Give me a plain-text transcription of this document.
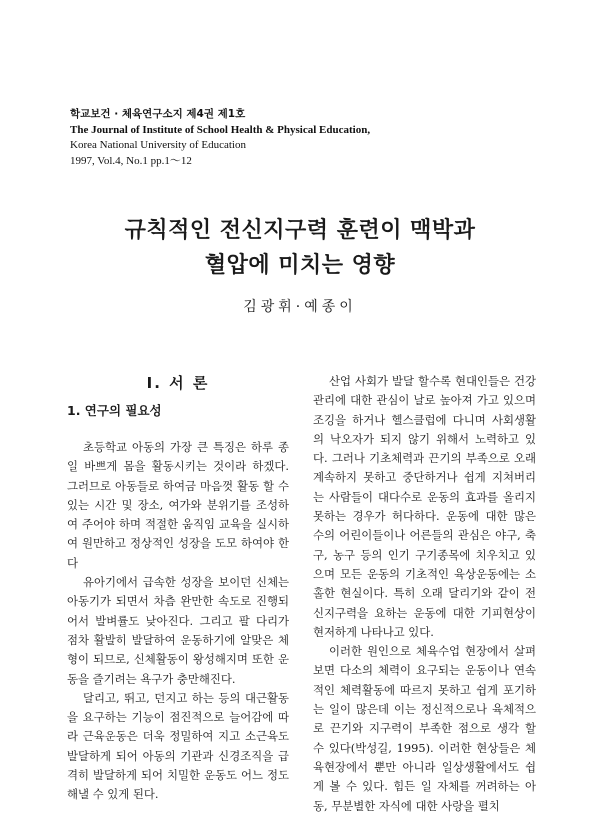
학교보건 · 체육연구소지 제4권 제1호
The Journal of Institute of School Health & Physical Education,
Korea National University of Education
1997, Vol.4, No.1 pp.1～12
규칙적인 전신지구력 훈련이 맥박과
혈압에 미치는 영향
김광휘·예종이
Ⅰ. 서 론
1. 연구의 필요성

초등학교 아동의 가장 큰 특징은 하루 종일 바쁘게 몸을 활동시키는 것이라 하겠다. 그러므로 아동들로 하여금 마음껏 활동 할 수 있는 시간 및 장소, 여가와 분위기를 조성하여 주어야 하며 적절한 움직임 교육을 실시하여 원만하고 정상적인 성장을 도모 하여야 한다

유아기에서 급속한 성장을 보이던 신체는 아동기가 되면서 차츰 완만한 속도로 진행되어서 발벼률도 낮아진다. 그리고 팔 다리가 점차 활발히 발달하여 운동하기에 알맞은 체형이 되므로, 신체활동이 왕성해지며 또한 운동을 즐기려는 욕구가 충만해진다.

달리고, 뛰고, 던지고 하는 등의 대근활동을 요구하는 기능이 점진적으로 늘어감에 따라 근육운동은 더욱 정밀하여 지고 소근육도 발달하게 되어 아동의 기관과 신경조직을 급격히 발달하게 되어 치밀한 운동도 어느 정도 해낼 수 있게 된다.

산업 사회가 발달 할수록 현대인들은 건강 관리에 대한 관심이 날로 높아져 가고 있으며 조깅을 하거나 헬스클럽에 다니며 사회생활의 낙오자가 되지 않기 위해서 노력하고 있다. 그러나 기초체력과 끈기의 부족으로 오래 계속하지 못하고 중단하거나 쉽게 지쳐버리는 사람들이 대다수로 운동의 효과를 올리지 못하는 경우가 허다하다. 운동에 대한 많은 수의 어린이들이나 어른들의 관심은 야구, 축구, 농구 등의 인기 구기종목에 치우치고 있으며 모든 운동의 기초적인 육상운동에는 소홀한 현실이다. 특히 오래 달리기와 같이 전신지구력을 요하는 운동에 대한 기피현상이 현저하게 나타나고 있다.

이러한 원인으로 체육수업 현장에서 살펴보면 다소의 체력이 요구되는 운동이나 연속적인 체력활동에 따르지 못하고 쉽게 포기하는 일이 많은데 이는 정신적으로나 육체적으로 끈기와 지구력이 부족한 점으로 생각 할 수 있다(박성길, 1995). 이러한 현상들은 체육현장에서 뿐만 아니라 일상생활에서도 쉽게 볼 수 있다. 힘든 일 자체를 꺼려하는 아동, 무분별한 자식에 대한 사랑을 펼치
